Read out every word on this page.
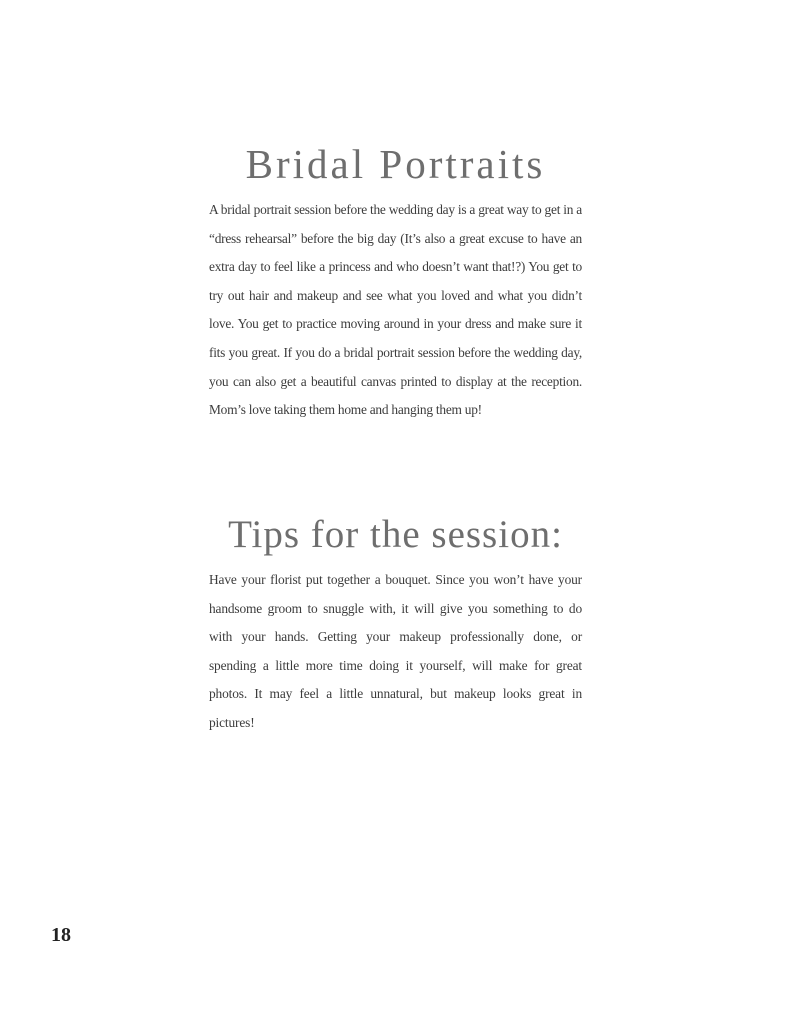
Bridal Portraits

A bridal portrait session before the wedding day is a great way to get in a “dress rehearsal” before the big day (It’s also a great excuse to have an extra day to feel like a princess and who doesn’t want that!?) You get to try out hair and makeup and see what you loved and what you didn’t love. You get to practice moving around in your dress and make sure it fits you great. If you do a bridal portrait session before the wedding day, you can also get a beautiful canvas printed to display at the reception. Mom’s love taking them home and hanging them up!

Tips for the session:

Have your florist put together a bouquet. Since you won’t have your handsome groom to snuggle with, it will give you something to do with your hands. Getting your makeup professionally done, or spending a little more time doing it yourself, will make for great photos. It may feel a little unnatural, but makeup looks great in pictures!

18
